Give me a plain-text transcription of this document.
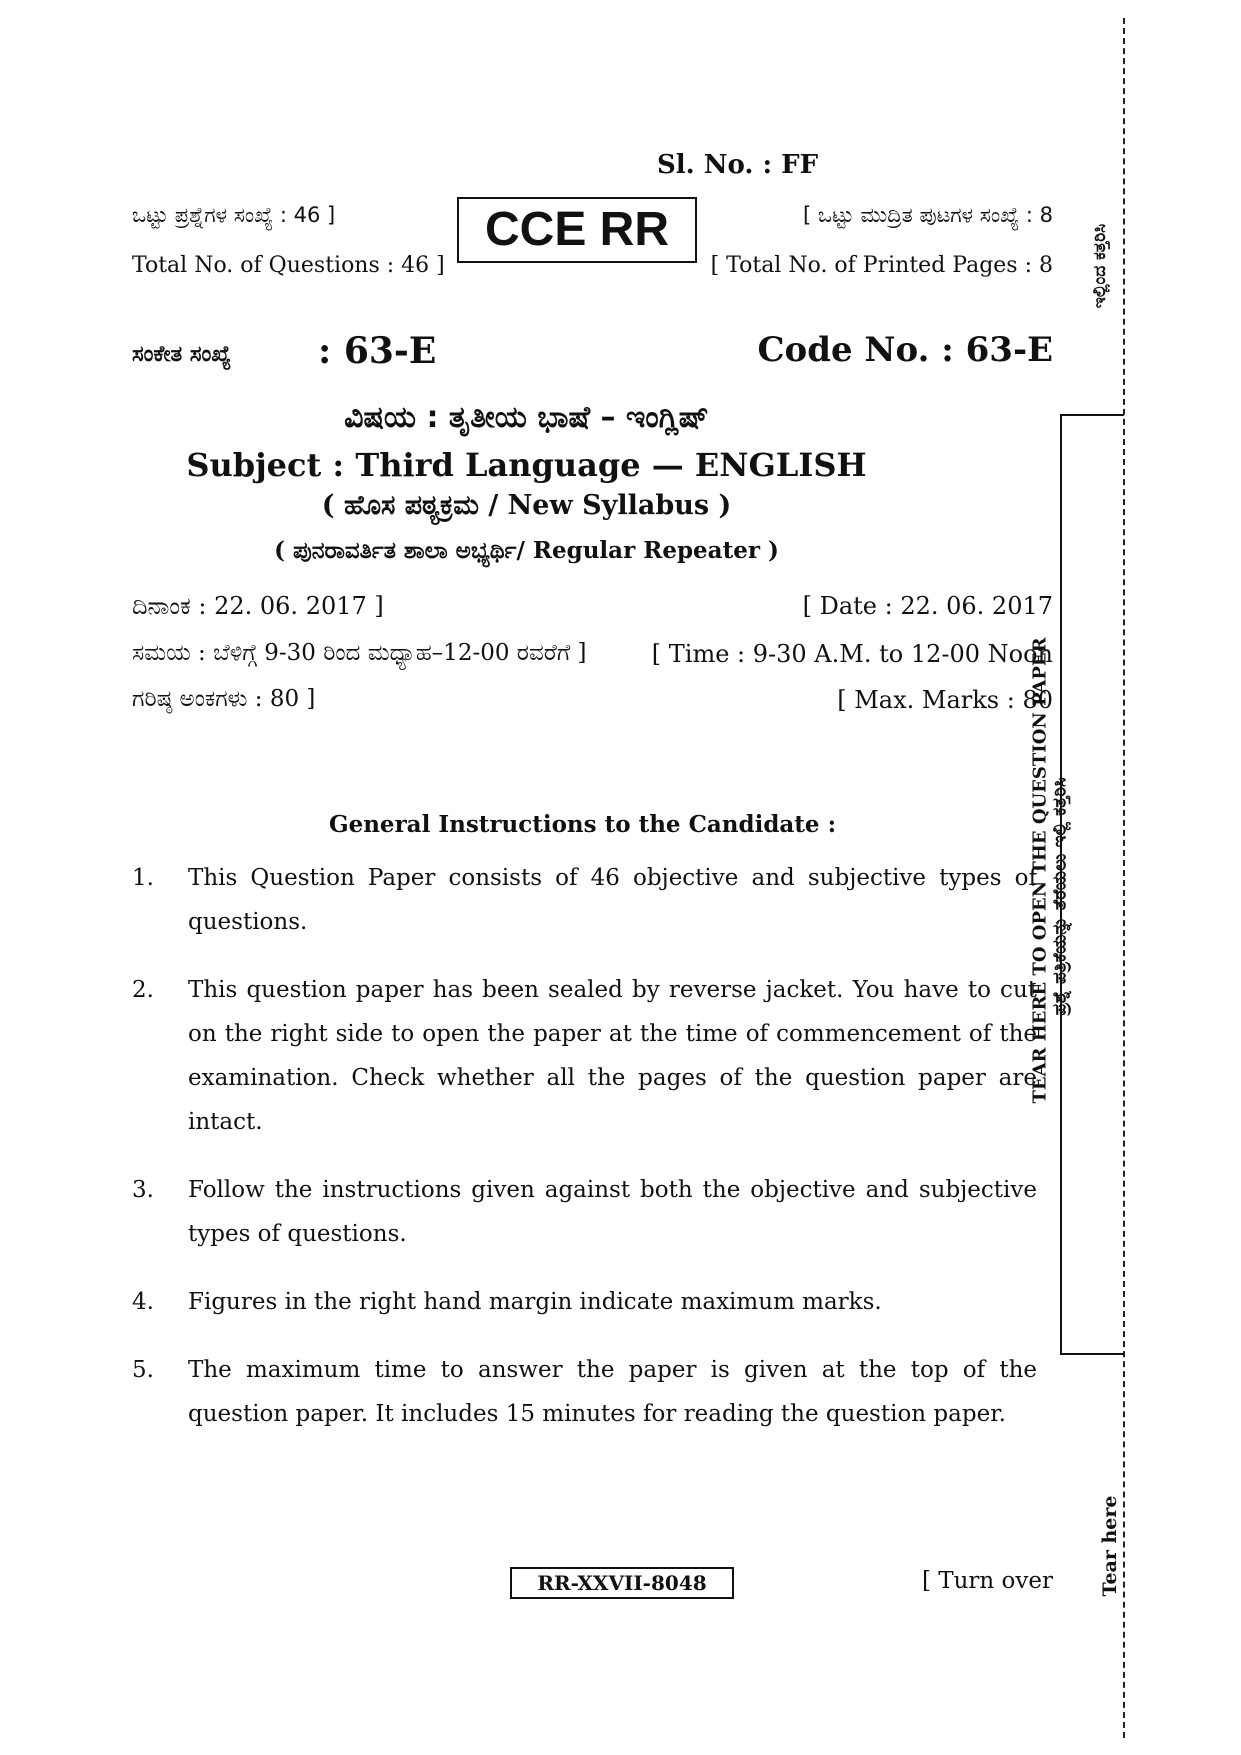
Sl. No. : FF
ಒಟ್ಟು ಪ್ರಶ್ನೆಗಳ ಸಂಖ್ಯೆ : 46 ]
Total No. of Questions : 46 ]
CCE RR	[ ಒಟ್ಟು ಮುದ್ರಿತ ಪುಟಗಳ ಸಂಖ್ಯೆ : 8
[ Total No. of Printed Pages : 8
ಸಂಕೇತ ಸಂಖ್ಯೆ : 63-E	Code No. : 63-E
ವಿಷಯ : ತೃತೀಯ ಭಾಷೆ – ಇಂಗ್ಲಿಷ್
Subject : Third Language — ENGLISH
( ಹೊಸ ಪಠ್ಯಕ್ರಮ / New Syllabus )
( ಪುನರಾವರ್ತಿತ ಶಾಲಾ ಅಭ್ಯರ್ಥಿ/ Regular Repeater )
ದಿನಾಂಕ : 22. 06. 2017 ]	[ Date : 22. 06. 2017
ಸಮಯ : ಬೆಳಿಗ್ಗೆ 9-30 ರಿಂದ ಮಧ್ಯಾಹ–12-00 ರವರೆಗೆ ]	[ Time : 9-30 A.M. to 12-00 Noon
ಗರಿಷ್ಠ ಅಂಕಗಳು : 80 ]	[ Max. Marks : 80
General Instructions to the Candidate :
1. This Question Paper consists of 46 objective and subjective types of questions.
2. This question paper has been sealed by reverse jacket. You have to cut on the right side to open the paper at the time of commencement of the examination. Check whether all the pages of the question paper are intact.
3. Follow the instructions given against both the objective and subjective types of questions.
4. Figures in the right hand margin indicate maximum marks.
5. The maximum time to answer the paper is given at the top of the question paper. It includes 15 minutes for reading the question paper.
RR-XXVII-8048	[ Turn over
ಇಲ್ಲಿಂದ ಕತ್ತರಿಸಿ
TEAR HERE TO OPEN THE QUESTION PAPER ಪ್ರಶ್ನೆ ಪತ್ರಿಕೆಯನ್ನು ತೆರೆಯಲು ಇಲ್ಲಿ ಕತ್ತರಿಸಿ
Tear here
